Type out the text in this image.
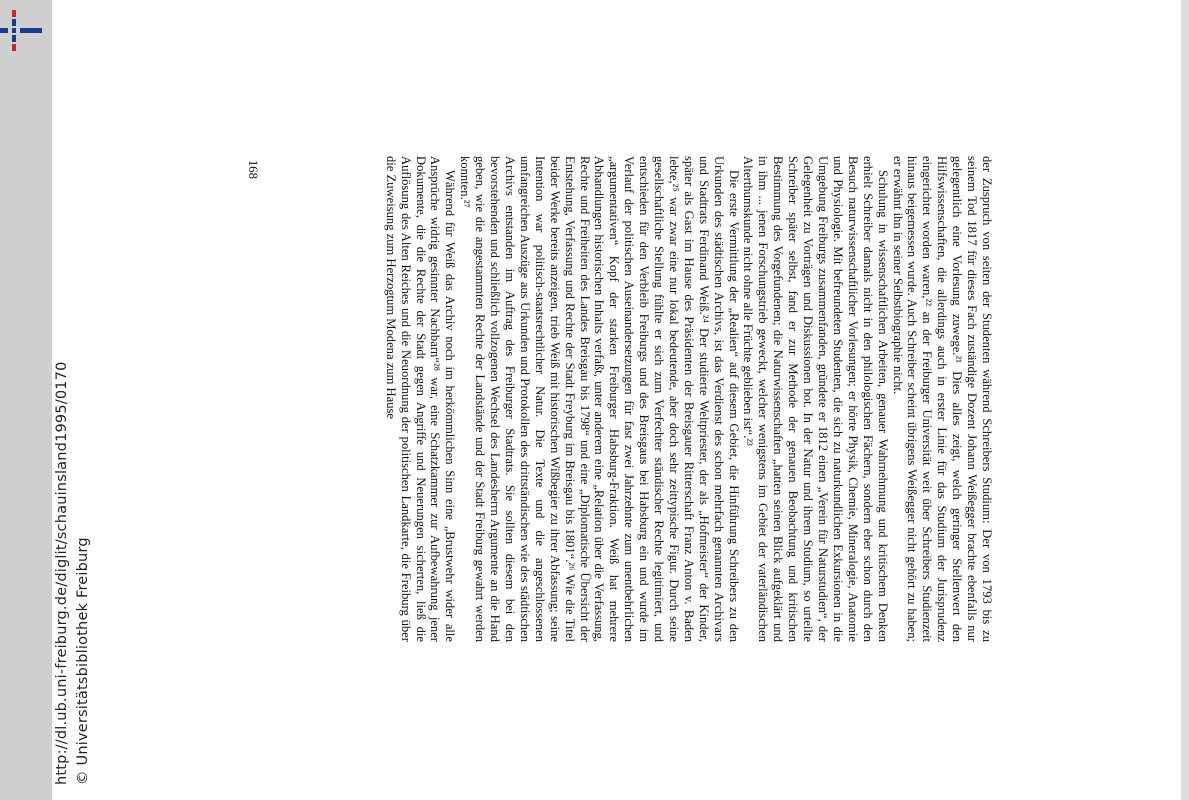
http://dl.ub.uni-freiburg.de/diglit/schauinsland1995/0170 © Universitätsbibliothek Freiburg

der Zuspruch von seiten der Studenten während Schreibers Studium: Der von 1793 bis zu seinem Tod 1817 für dieses Fach zuständige Dozent Johann Weißegger brachte ebenfalls nur gelegentlich eine Vorlesung zuwege.²¹ Dies alles zeigt, welch geringer Stellenwert den Hilfswissenschaften, die allerdings auch in erster Linie für das Studium der Jurisprudenz eingerichtet worden waren,²² an der Freiburger Universität weit über Schreibers Studienzeit hinaus beigemessen wurde. Auch Schreiber scheint übrigens Weißegger nicht gehört zu haben; er erwähnt ihn in seiner Selbstbiographie nicht.

Schulung in wissenschaftlichen Arbeiten, genauer Wahrnehmung und kritischem Denken erhielt Schreiber damals nicht in den philologischen Fächern, sondern eher schon durch den Besuch naturwissenschaftlicher Vorlesungen; er hörte Physik, Chemie, Mineralogie, Anatomie und Physiologie. Mit befreundeten Studenten, die sich zu naturkundlichen Exkursionen in die Umgebung Freiburgs zusammenfanden, gründete er 1812 einen „Verein für Naturstudien“, der Gelegenheit zu Vorträgen und Diskussionen bot. In der Natur und ihrem Studium, so urteilte Schreiber später selbst, fand er zur Methode der genauen Beobachtung und kritischen Bestimmung des Vorgefundenen; die Naturwissenschaften „hatten seinen Blick aufgeklärt und in ihm ... jenen Forschungstrieb geweckt, welcher wenigstens im Gebiet der vaterländischen Alterthumskunde nicht ohne alle Früchte geblieben ist“.²³

Die erste Vermittlung der „Realien“ auf diesem Gebiet, die Hinführung Schreibers zu den Urkunden des städtischen Archivs, ist das Verdienst des schon mehrfach genannten Archivars und Stadtrats Ferdinand Weiß.²⁴ Der studierte Weltpriester, der als „Hofmeister“ der Kinder, später als Gast im Hause des Präsidenten der Breisgauer Ritterschaft Franz Anton v. Baden lebte,²⁵ war zwar eine nur lokal bedeutende, aber doch sehr zeittypische Figur. Durch seine gesellschaftliche Stellung fühlte er sich zum Verfechter ständischer Rechte legitimiert, und entschieden für den Verbleib Freiburgs und des Breisgaus bei Habsburg ein und wurde im Verlauf der politischen Auseinandersetzungen für fast zwei Jahrzehnte zum unentbehrlichen „argumentativen“ Kopf der starken Freiburger Habsburg-Fraktion. Weiß hat mehrere Abhandlungen historischen Inhalts verfaßt, unter anderem eine „Relation über die Verfassung, Rechte und Freiheiten des Landes Breisgau bis 1798“ und eine „Diplomatische Übersicht der Entstehung, Verfassung und Rechte der Stadt Freyburg im Breisgau bis 1801“.²⁶ Wie die Titel beider Werke bereits anzeigen, trieb Weiß mit historischen Wißbegier zu ihrer Abfassung; seine Intention war politisch-staatsrechtlicher Natur. Die Texte und die angeschlossenen umfangreichen Auszüge aus Urkunden und Protokollen des drittständischen wie des städtischen Archivs entstanden im Auftrag des Freiburger Stadtrats. Sie sollten diesem bei den bevorstehenden und schließlich vollzogenen Wechsel des Landesherrn Argumente an die Hand geben, wie die angestammten Rechte der Landstände und der Stadt Freiburg gewahrt werden konnten.²⁷

Während für Weiß das Archiv noch im herkömmlichen Sinn eine „Brustwehr wider alle Ansprüche widrig gesinnter Nachbarn“²⁸ war, eine Schatzkammer zur Aufbewahrung jener Dokumente, die die Rechte der Stadt gegen Angriffe und Neuerungen sicherten, ließ die Auflösung des Alten Reiches und die Neuordnung der politischen Landkarte, die Freiburg über die Zuweisung zum Herzogtum Modena zum Hause

168
